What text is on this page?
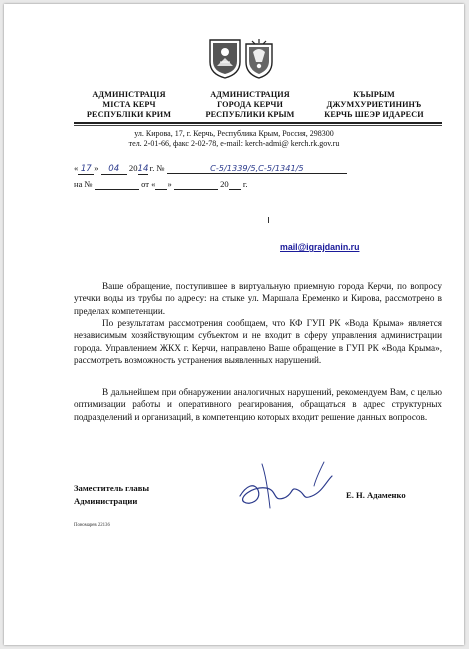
АДМИНІСТРАЦІЯ
МІСТА КЕРЧ
РЕСПУБЛІКИ КРИМ
АДМИНИСТРАЦИЯ
ГОРОДА КЕРЧИ
РЕСПУБЛИКИ КРЫМ
КЪЫРЫМ
ДЖУМХУРИЕТИНИНЪ
КЕРЧЬ ШЕЭР ИДАРЕСИ
ул. Кирова, 17, г. Керчь, Республика Крым, Россия, 298300
тел. 2-01-66, факс 2-02-78, e-mail: kerch-admi@ kerch.rk.gov.ru
« 17 » 04 2014 г. №	С-5/1339/5,С-5/1341/5
на №	от « »	20 г.
mail@igrajdanin.ru
Ваше обращение, поступившее в виртуальную приемную города Керчи, по вопросу утечки воды из трубы по адресу: на стыке ул. Маршала Еременко и Кирова, рассмотрено в пределах компетенции.
По результатам рассмотрения сообщаем, что КФ ГУП РК «Вода Крыма» является независимым хозяйствующим субъектом и не входит в сферу управления администрации города. Управлением ЖКХ г. Керчи, направлено Ваше обращение в ГУП РК «Вода Крыма», рассмотреть возможность устранения выявленных нарушений.
В дальнейшем при обнаружении аналогичных нарушений, рекомендуем Вам, с целью оптимизации работы и оперативного реагирования, обращаться в адрес структурных подразделений и организаций, в компетенцию которых входит решение данных вопросов.
Заместитель главы
Администрации
Е. Н. Адаменко
Пономарев 22136
